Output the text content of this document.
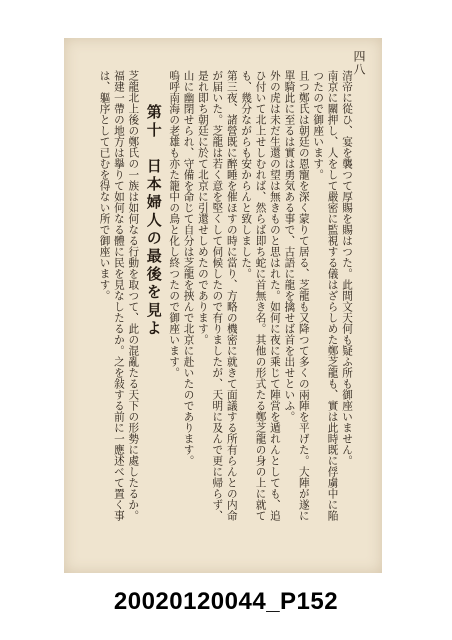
四八

清帝に從ひ、宴を襲つて厚賜を賜はつた。此間文天何も疑ふ所も御座いません。

南京に關押し、人をして嚴密に監視する儀はざらしめた鄭芝龍も、實は此時既に俘虜中に陥つたので御座います。

且つ鄭氏は朝廷の恩寵を深く蒙りて居る、芝龍も又降つて多くの兩陣を平げた。大陣が遂に單騎此に至るは實は勇気ある事で、古語に龍を擒せば首を出せといふ。

外の虎は未だ生還の望は無きものと思はれた。如何に夜に乘じて陣営を遁れんとしても、追ひ付いて北上せしむれば、然らば即ち蛇に首無き名。其他の形式たる鄭芝龍の身の上に就ても、幾分ながらも安からんと致しました。

第三夜、諸營既に醉睡を催ほすの時に當り、方略の機密に就きて面議する所有らんとの内命が届いた。芝龍は若く意を堅くして伺候したので有りましたが、天明に及んで更に帰らず、是れ即ち朝廷に於て北京に引還せしめたのであります。

山に幽閉せられ、守備を命じて自分は芝龍を挾んで北京に赴いたのであります。

嗚呼南海の老雄も亦た籠中の鳥と化し終つたので御座います。

第十　日本婦人の最後を見よ

芝龍北上後の鄭氏の一族は如何なる行動を取つて、此の混亂たる天下の形勢に處したるか。福建一帶の地方は擧りて如何なる體に民を見なしたるか。之を敍する前に一應述べて置く事は、軀序として已むを得ない所で御座います。

20020120044_P152
